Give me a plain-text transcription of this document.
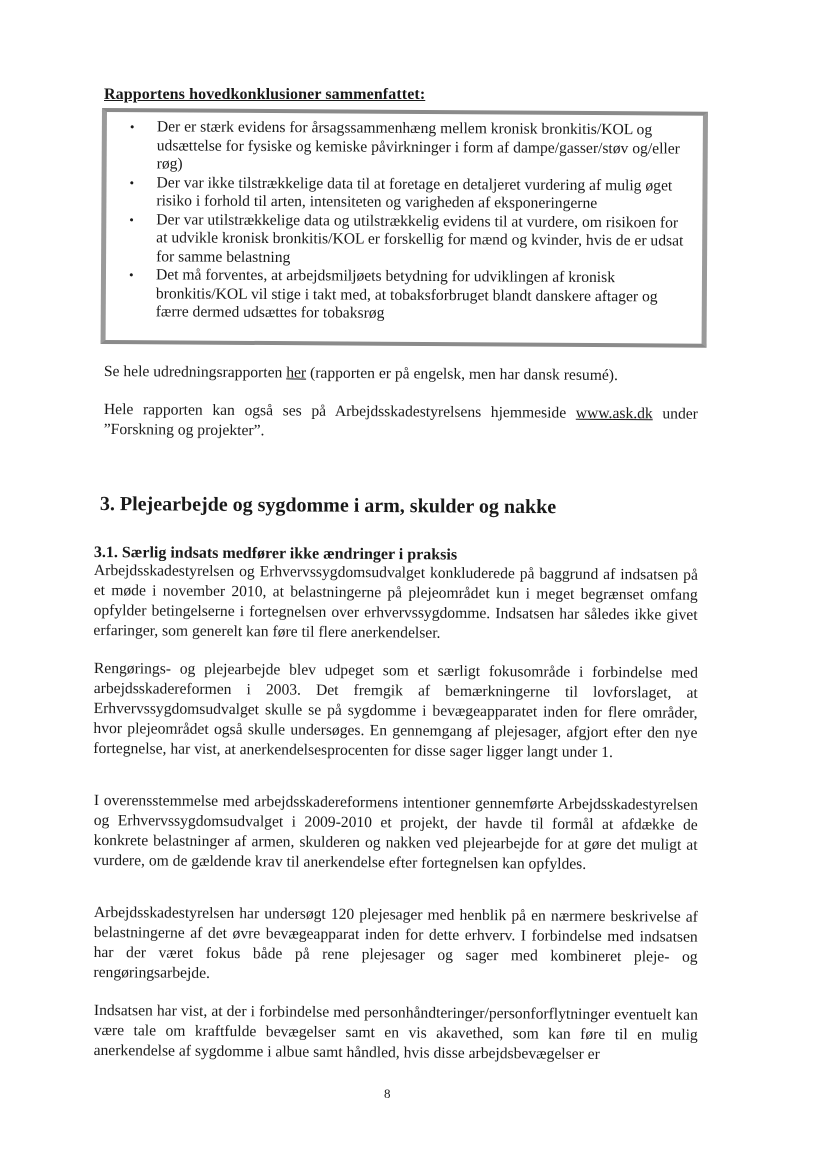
Rapportens hovedkonklusioner sammenfattet:
• Der er stærk evidens for årsagssammenhæng mellem kronisk bronkitis/KOL og udsættelse for fysiske og kemiske påvirkninger i form af dampe/gasser/støv og/eller røg)
• Der var ikke tilstrækkelige data til at foretage en detaljeret vurdering af mulig øget risiko i forhold til arten, intensiteten og varigheden af eksponeringerne
• Der var utilstrækkelige data og utilstrækkelig evidens til at vurdere, om risikoen for at udvikle kronisk bronkitis/KOL er forskellig for mænd og kvinder, hvis de er udsat for samme belastning
• Det må forventes, at arbejdsmiljøets betydning for udviklingen af kronisk bronkitis/KOL vil stige i takt med, at tobaksforbruget blandt danskere aftager og færre dermed udsættes for tobaksrøg
Se hele udredningsrapporten her (rapporten er på engelsk, men har dansk resumé).
Hele rapporten kan også ses på Arbejdsskadestyrelsens hjemmeside www.ask.dk under ”Forskning og projekter”.
3. Plejearbejde og sygdomme i arm, skulder og nakke
3.1. Særlig indsats medfører ikke ændringer i praksis
Arbejdsskadestyrelsen og Erhvervssygdomsudvalget konkluderede på baggrund af indsatsen på et møde i november 2010, at belastningerne på plejeområdet kun i meget begrænset omfang opfylder betingelserne i fortegnelsen over erhvervssygdomme. Indsatsen har således ikke givet erfaringer, som generelt kan føre til flere anerkendelser.
Rengørings- og plejearbejde blev udpeget som et særligt fokusområde i forbindelse med arbejdsskadereformen i 2003. Det fremgik af bemærkningerne til lovforslaget, at Erhvervssygdomsudvalget skulle se på sygdomme i bevægeapparatet inden for flere områder, hvor plejeområdet også skulle undersøges. En gennemgang af plejesager, afgjort efter den nye fortegnelse, har vist, at anerkendelsesprocenten for disse sager ligger langt under 1.
I overensstemmelse med arbejdsskadereformens intentioner gennemførte Arbejdsskadestyrelsen og Erhvervssygdomsudvalget i 2009-2010 et projekt, der havde til formål at afdække de konkrete belastninger af armen, skulderen og nakken ved plejearbejde for at gøre det muligt at vurdere, om de gældende krav til anerkendelse efter fortegnelsen kan opfyldes.
Arbejdsskadestyrelsen har undersøgt 120 plejesager med henblik på en nærmere beskrivelse af belastningerne af det øvre bevægeapparat inden for dette erhverv. I forbindelse med indsatsen har der været fokus både på rene plejesager og sager med kombineret pleje- og rengøringsarbejde.
Indsatsen har vist, at der i forbindelse med personhåndteringer/personforflytninger eventuelt kan være tale om kraftfulde bevægelser samt en vis akavethed, som kan føre til en mulig anerkendelse af sygdomme i albue samt håndled, hvis disse arbejdsbevægelser er
8
